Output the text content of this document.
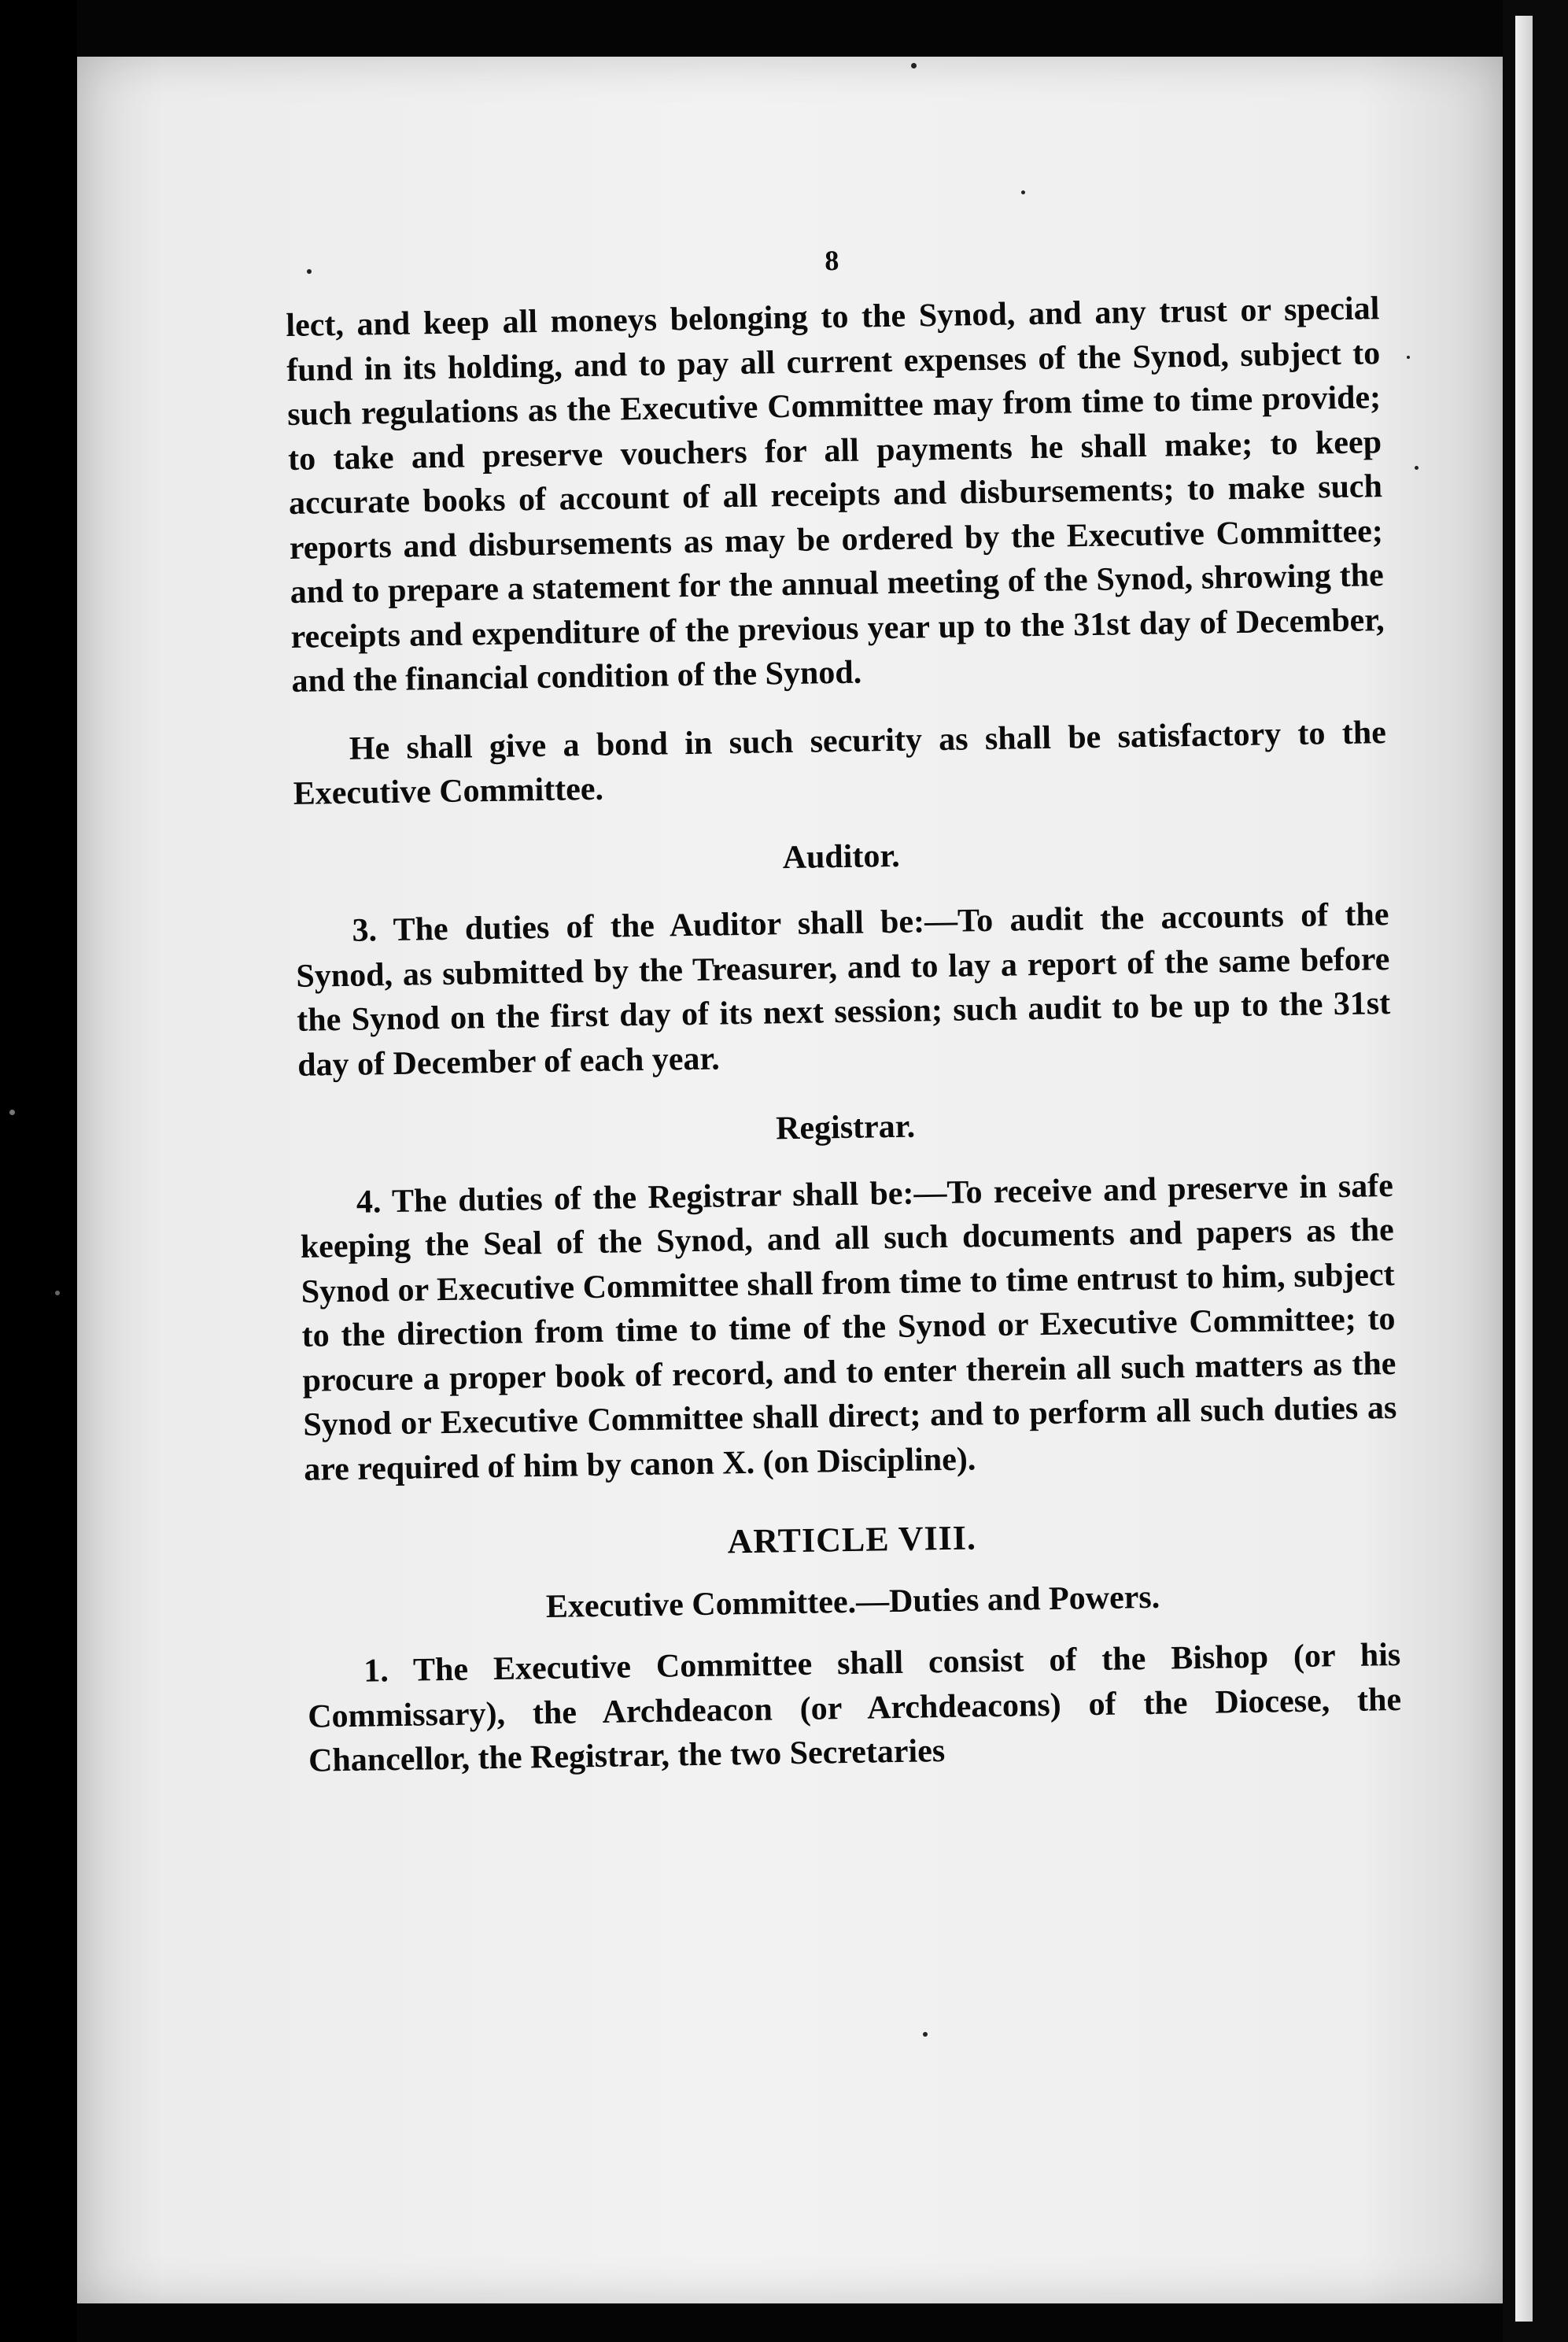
8

lect, and keep all moneys belonging to the Synod, and any trust or special fund in its holding, and to pay all current expenses of the Synod, subject to such regulations as the Executive Committee may from time to time provide; to take and preserve vouchers for all payments he shall make; to keep accurate books of account of all receipts and disbursements; to make such reports and disbursements as may be ordered by the Executive Committee; and to prepare a statement for the annual meeting of the Synod, shrowing the receipts and expenditure of the previous year up to the 31st day of December, and the financial condition of the Synod.

He shall give a bond in such security as shall be satisfactory to the Executive Committee.

Auditor.

3. The duties of the Auditor shall be:—To audit the accounts of the Synod, as submitted by the Treasurer, and to lay a report of the same before the Synod on the first day of its next session; such audit to be up to the 31st day of December of each year.

Registrar.

4. The duties of the Registrar shall be:—To receive and preserve in safe keeping the Seal of the Synod, and all such documents and papers as the Synod or Executive Committee shall from time to time entrust to him, subject to the direction from time to time of the Synod or Executive Committee; to procure a proper book of record, and to enter therein all such matters as the Synod or Executive Committee shall direct; and to perform all such duties as are required of him by canon X. (on Discipline).

ARTICLE VIII.

Executive Committee.—Duties and Powers.

1. The Executive Committee shall consist of the Bishop (or his Commissary), the Archdeacon (or Archdeacons) of the Diocese, the Chancellor, the Registrar, the two Secretaries
